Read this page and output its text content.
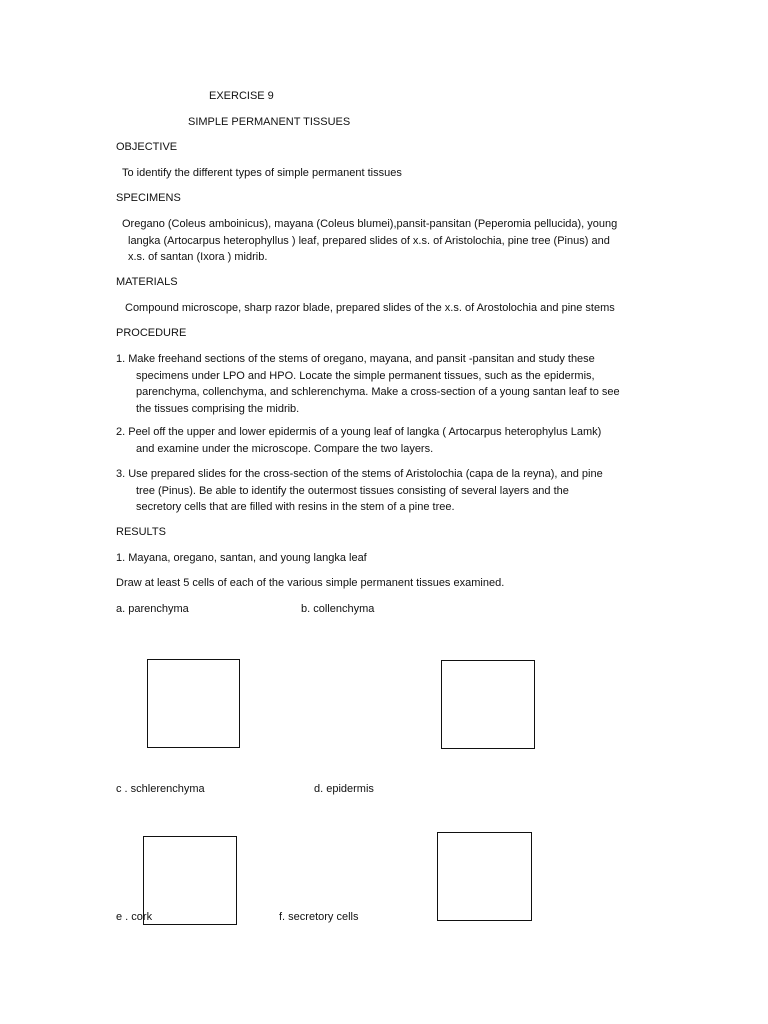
EXERCISE 9
SIMPLE PERMANENT TISSUES
OBJECTIVE
To identify the different types of simple permanent tissues
SPECIMENS
Oregano (Coleus amboinicus), mayana (Coleus blumei),pansit-pansitan (Peperomia pellucida), young
langka (Artocarpus heterophyllus ) leaf, prepared slides of x.s. of Aristolochia, pine tree (Pinus) and
x.s. of santan (Ixora ) midrib.
MATERIALS
Compound microscope, sharp razor blade, prepared slides of the x.s. of Arostolochia and pine stems
PROCEDURE
1. Make freehand sections of the stems of oregano, mayana, and pansit -pansitan and study these
specimens under LPO and HPO. Locate the simple permanent tissues, such as the epidermis,
parenchyma, collenchyma, and schlerenchyma. Make a cross-section of a young santan leaf to see
the tissues comprising the midrib.
2. Peel off the upper and lower epidermis of a young leaf of langka ( Artocarpus heterophylus Lamk)
and examine under the microscope. Compare the two layers.
3. Use prepared slides for the cross-section of the stems of Aristolochia (capa de la reyna), and pine
tree (Pinus). Be able to identify the outermost tissues consisting of several layers and the
secretory cells that are filled with resins in the stem of a pine tree.
RESULTS
1. Mayana, oregano, santan, and young langka leaf
Draw at least 5 cells of each of the various simple permanent tissues examined.
a. parenchyma	b. collenchyma
c . schlerenchyma	d. epidermis
e . cork	f. secretory cells
